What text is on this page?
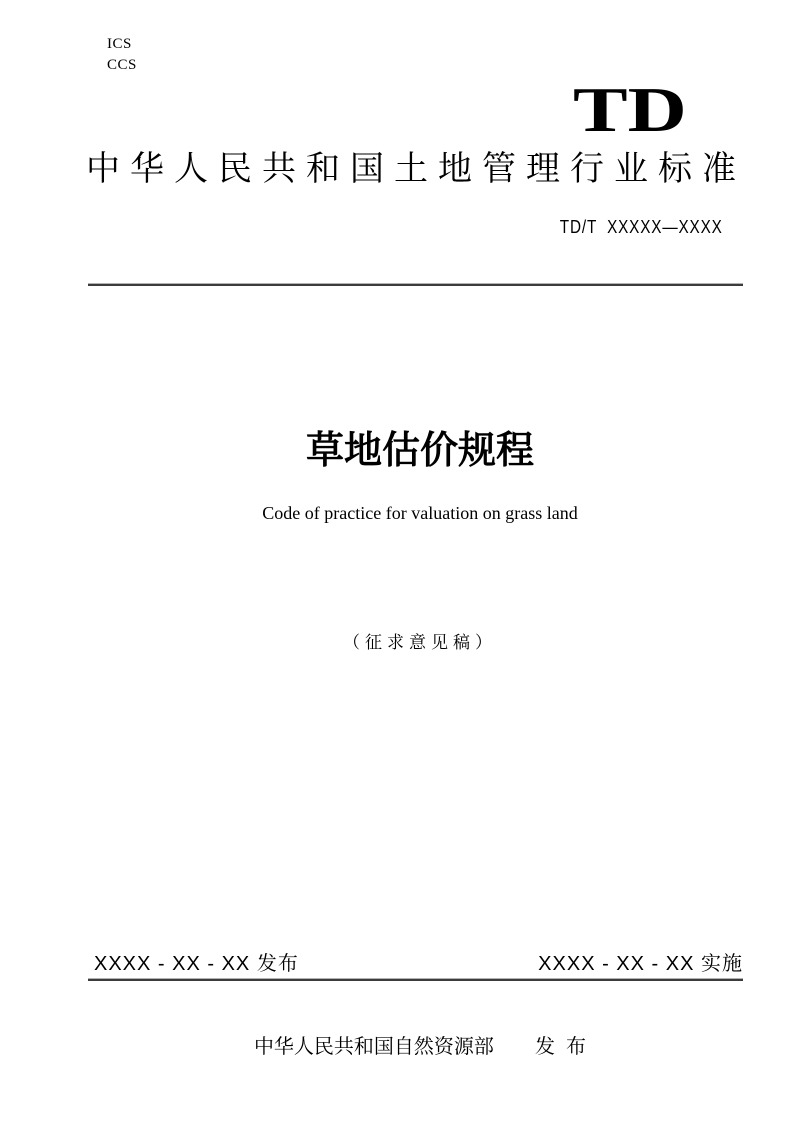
ICS
CCS
TD
中 华 人 民 共 和 国 土 地 管 理 行 业 标 准
TD/T  XXXXX—XXXX
草地估价规程
Code of practice for valuation on grass land
（征求意见稿）
XXXX - XX - XX 发布	XXXX - XX - XX 实施
中华人民共和国自然资源部 发  布
